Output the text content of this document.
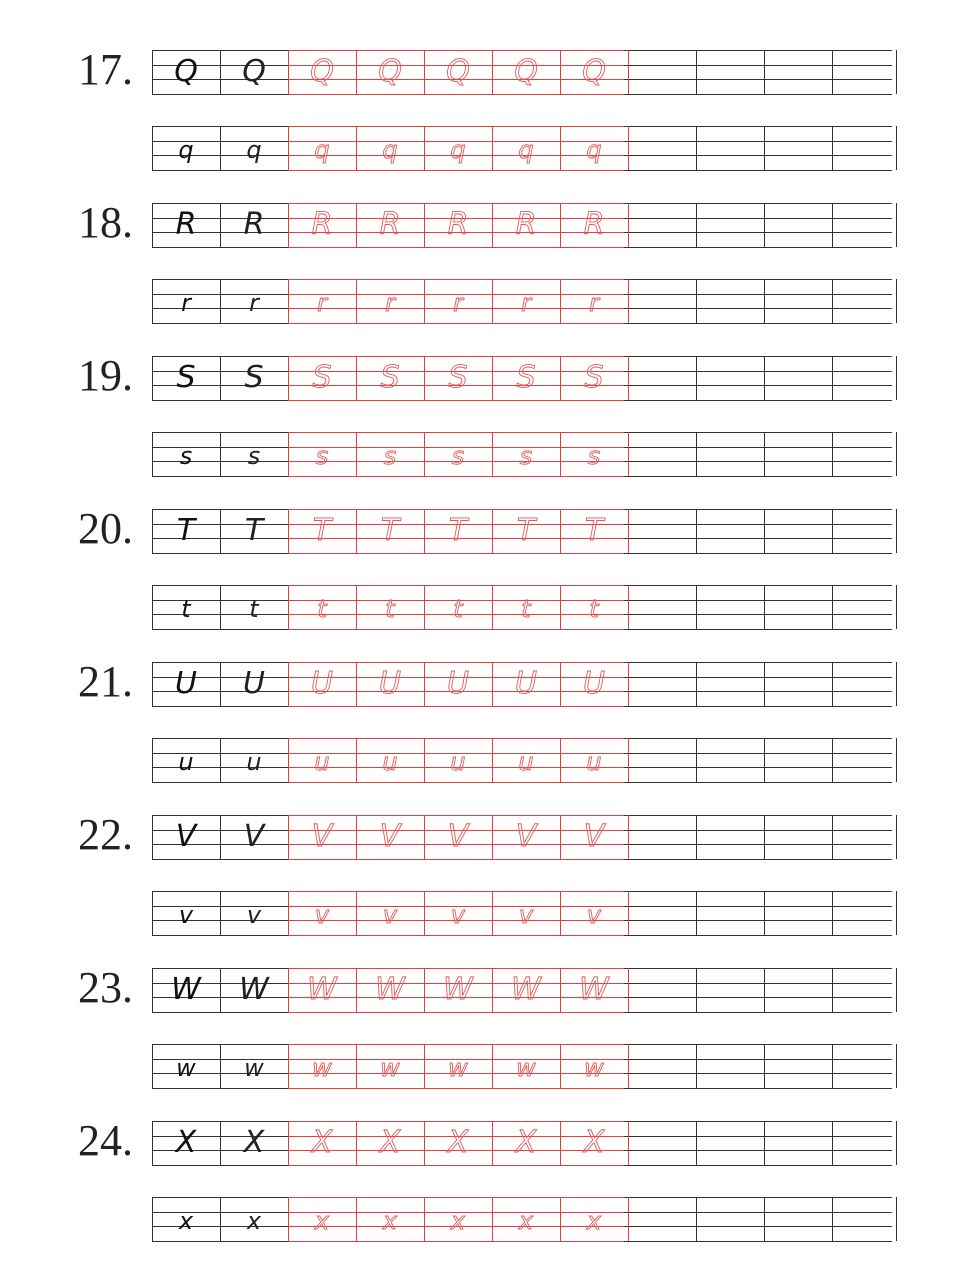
17.	Q	Q	Q	Q	Q	Q	Q
q	q	q	q	q	q	q
18.	R	R	R	R	R	R	R
r	r	r	r	r	r	r
19.	S	S	S	S	S	S	S
s	s	s	s	s	s	s
20.	T	T	T	T	T	T	T
t	t	t	t	t	t	t
21.	U	U	U	U	U	U	U
u	u	u	u	u	u	u
22.	V	V	V	V	V	V	V
v	v	v	v	v	v	v
23.	W	W	W	W	W	W	W
w	w	w	w	w	w	w
24.	X	X	X	X	X	X	X
x	x	x	x	x	x	x
